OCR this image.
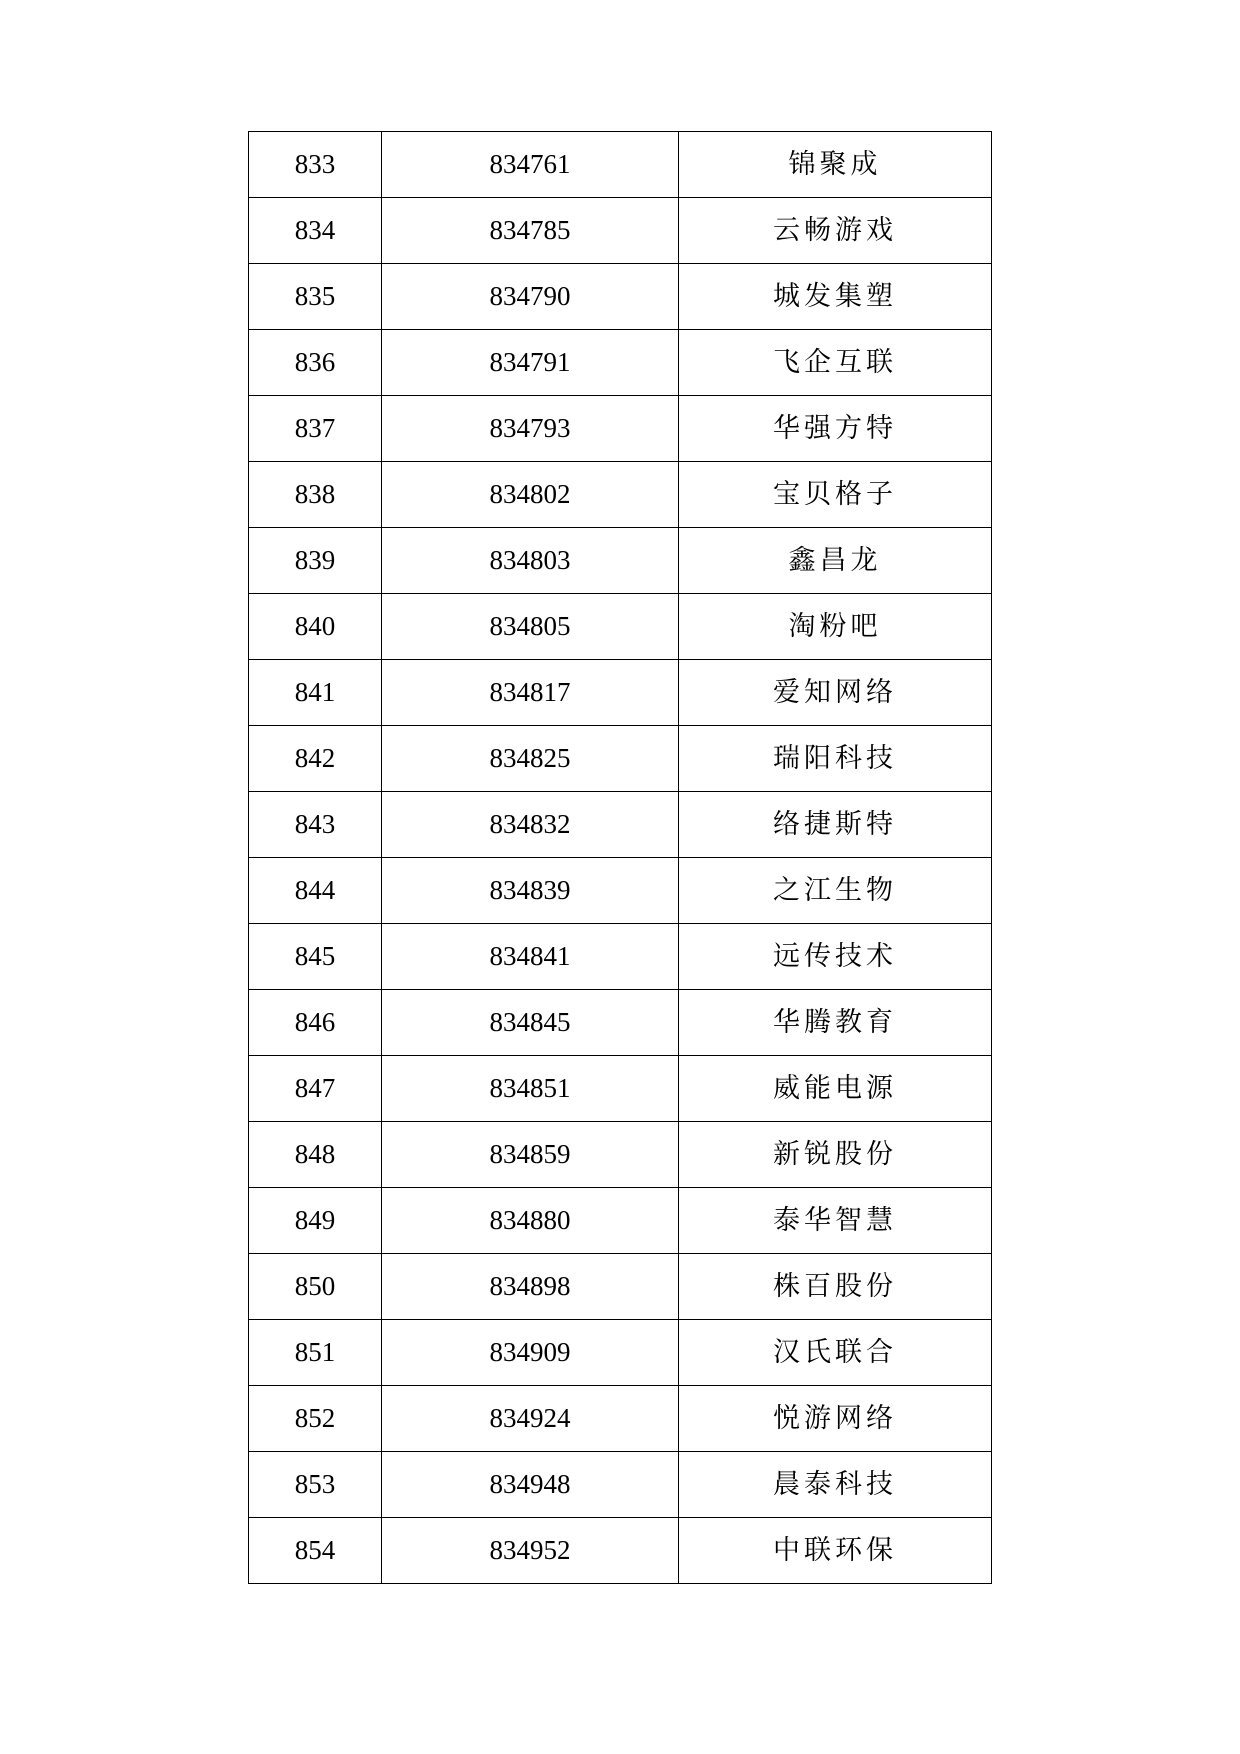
833	834761	锦聚成
834	834785	云畅游戏
835	834790	城发集塑
836	834791	飞企互联
837	834793	华强方特
838	834802	宝贝格子
839	834803	鑫昌龙
840	834805	淘粉吧
841	834817	爱知网络
842	834825	瑞阳科技
843	834832	络捷斯特
844	834839	之江生物
845	834841	远传技术
846	834845	华腾教育
847	834851	威能电源
848	834859	新锐股份
849	834880	泰华智慧
850	834898	株百股份
851	834909	汉氏联合
852	834924	悦游网络
853	834948	晨泰科技
854	834952	中联环保
